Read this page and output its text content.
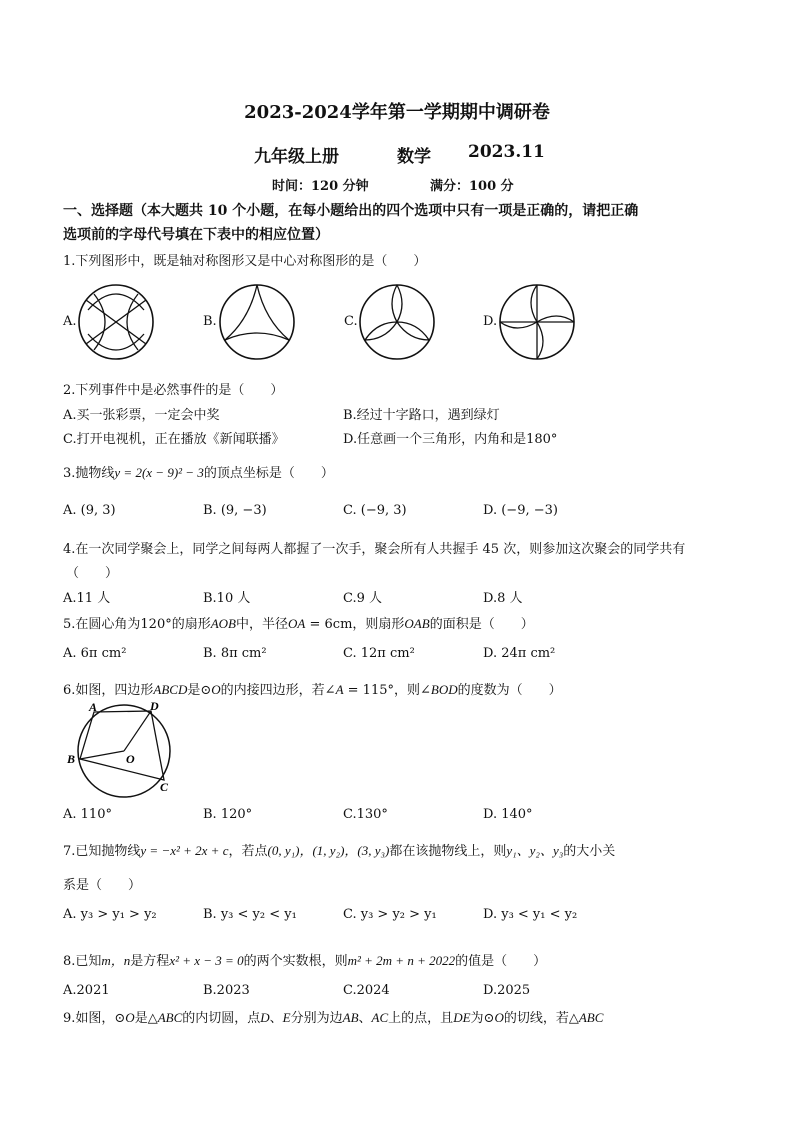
2023-2024学年第一学期期中调研卷
九年级上册	数学 2023.11
时间：120 分钟	满分：100 分
一、选择题（本大题共 10 个小题，在每小题给出的四个选项中只有一项是正确的，请把正确
选项前的字母代号填在下表中的相应位置）
1.下列图形中，既是轴对称图形又是中心对称图形的是（　　）
A.	B.	C.	D.
2.下列事件中是必然事件的是（　　）
A.买一张彩票，一定会中奖	B.经过十字路口，遇到绿灯
C.打开电视机，正在播放《新闻联播》	D.任意画一个三角形，内角和是180°
3.抛物线y = 2(x − 9)² − 3的顶点坐标是（　　）
A. (9, 3)	B. (9, −3)	C. (−9, 3)	D. (−9, −3)
4.在一次同学聚会上，同学之间每两人都握了一次手，聚会所有人共握手 45 次，则参加这次聚会的同学共有
（　　）
A.11 人	B.10 人	C.9 人	D.8 人
5.在圆心角为120°的扇形AOB中，半径OA = 6cm，则扇形OAB的面积是（　　）
A. 6π cm²	B. 8π cm²	C. 12π cm²	D. 24π cm²
6.如图，四边形ABCD是⊙O的内接四边形，若∠A = 115°，则∠BOD的度数为（　　）
A	D
B	O
C
A. 110°	B. 120°	C.130°	D. 140°
7.已知抛物线y = −x² + 2x + c，若点(0, y₁)，(1, y₂)，(3, y₃)都在该抛物线上，则y₁、y₂、y₃的大小关
系是（　　）
A. y₃ > y₁ > y₂	B. y₃ < y₂ < y₁	C. y₃ > y₂ > y₁	D. y₃ < y₁ < y₂
8.已知m，n是方程x² + x − 3 = 0的两个实数根，则m² + 2m + n + 2022的值是（　　）
A.2021	B.2023	C.2024	D.2025
9.如图，⊙O是△ABC的内切圆，点D、E分别为边AB、AC上的点，且DE为⊙O的切线，若△ABC
